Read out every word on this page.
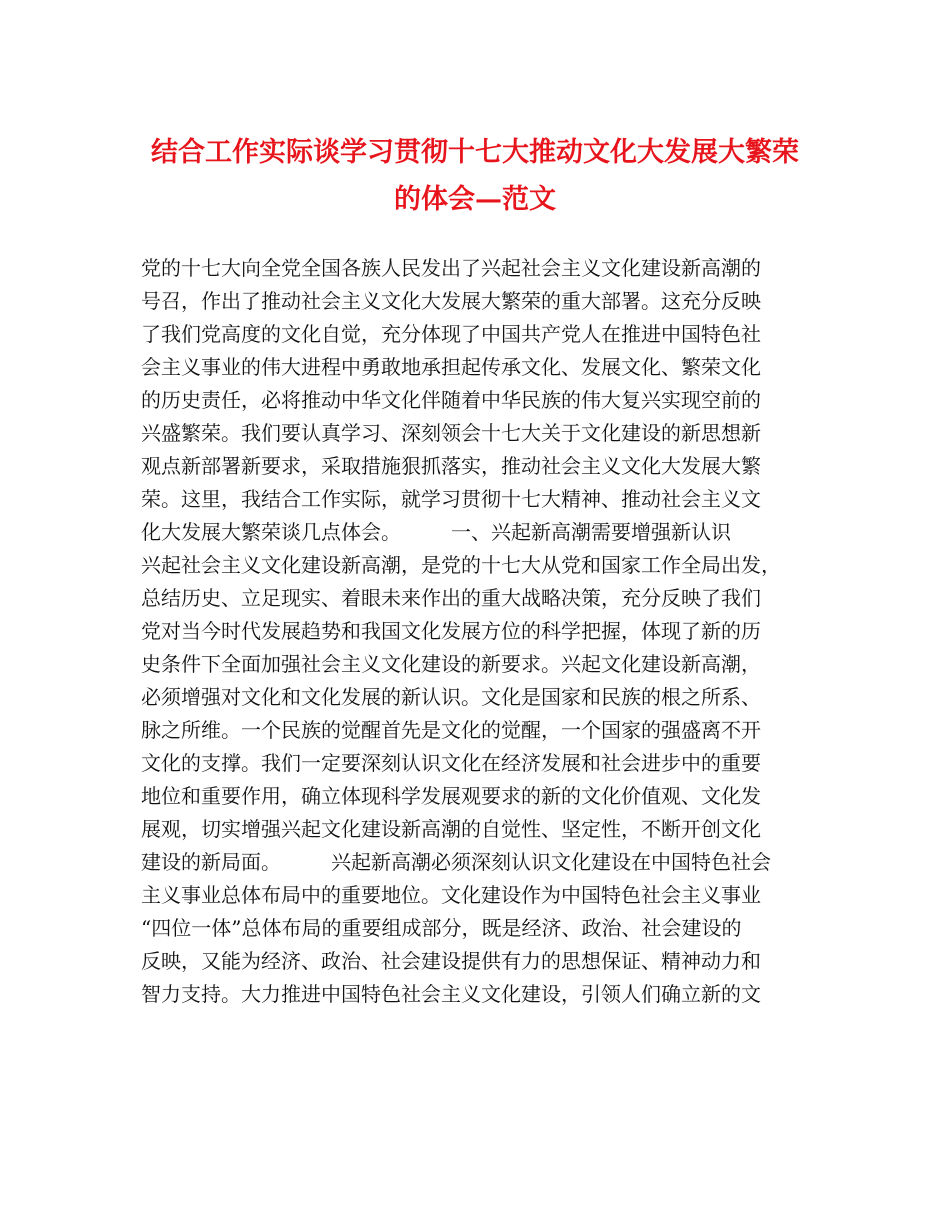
结合工作实际谈学习贯彻十七大推动文化大发展大繁荣
的体会—范文
党的十七大向全党全国各族人民发出了兴起社会主义文化建设新高潮的
号召，作出了推动社会主义文化大发展大繁荣的重大部署。这充分反映
了我们党高度的文化自觉，充分体现了中国共产党人在推进中国特色社
会主义事业的伟大进程中勇敢地承担起传承文化、发展文化、繁荣文化
的历史责任，必将推动中华文化伴随着中华民族的伟大复兴实现空前的
兴盛繁荣。我们要认真学习、深刻领会十七大关于文化建设的新思想新
观点新部署新要求，采取措施狠抓落实，推动社会主义文化大发展大繁
荣。这里，我结合工作实际，就学习贯彻十七大精神、推动社会主义文
化大发展大繁荣谈几点体会。　　　一、兴起新高潮需要增强新认识
兴起社会主义文化建设新高潮，是党的十七大从党和国家工作全局出发，
总结历史、立足现实、着眼未来作出的重大战略决策，充分反映了我们
党对当今时代发展趋势和我国文化发展方位的科学把握，体现了新的历
史条件下全面加强社会主义文化建设的新要求。兴起文化建设新高潮，
必须增强对文化和文化发展的新认识。文化是国家和民族的根之所系、
脉之所维。一个民族的觉醒首先是文化的觉醒，一个国家的强盛离不开
文化的支撑。我们一定要深刻认识文化在经济发展和社会进步中的重要
地位和重要作用，确立体现科学发展观要求的新的文化价值观、文化发
展观，切实增强兴起文化建设新高潮的自觉性、坚定性，不断开创文化
建设的新局面。　　　兴起新高潮必须深刻认识文化建设在中国特色社会
主义事业总体布局中的重要地位。文化建设作为中国特色社会主义事业
“四位一体”总体布局的重要组成部分，既是经济、政治、社会建设的
反映，又能为经济、政治、社会建设提供有力的思想保证、精神动力和
智力支持。大力推进中国特色社会主义文化建设，引领人们确立新的文
